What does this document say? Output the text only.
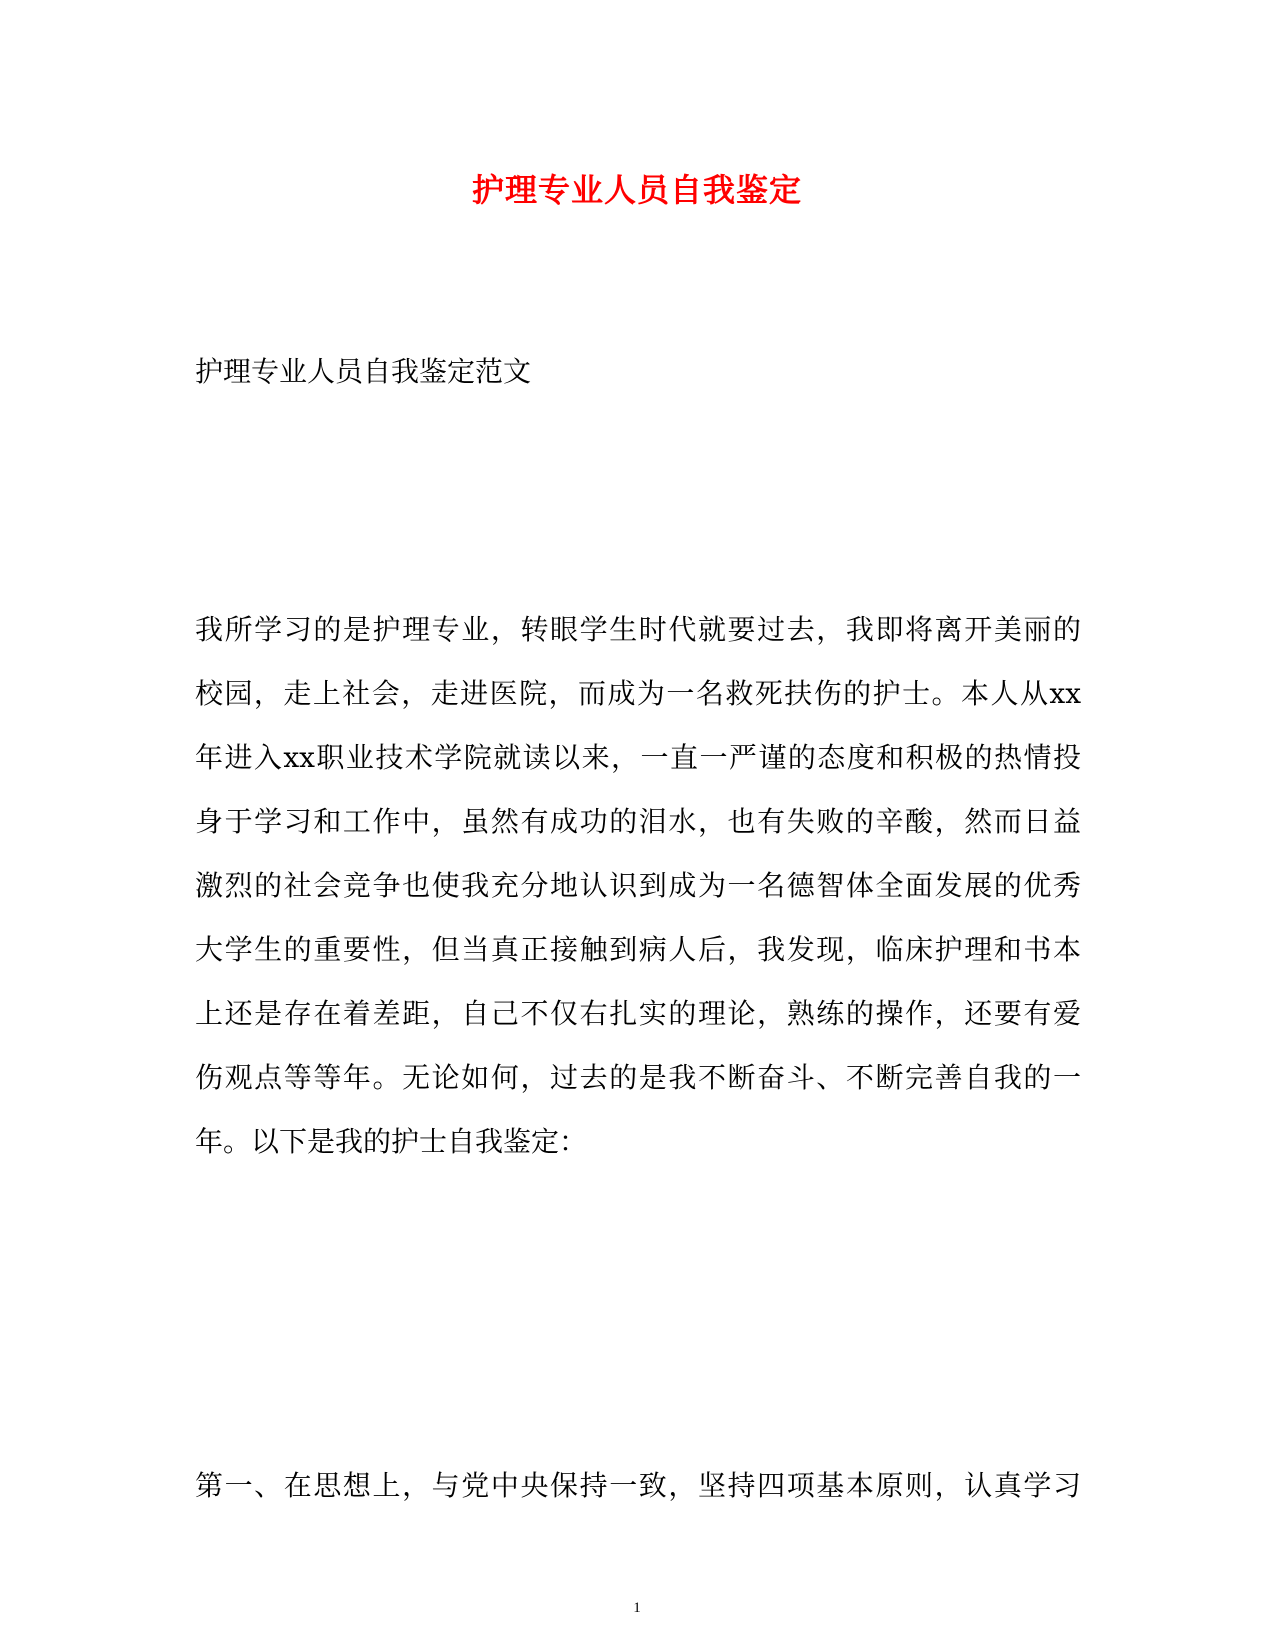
护理专业人员自我鉴定
护理专业人员自我鉴定范文
我所学习的是护理专业，转眼学生时代就要过去，我即将离开美丽的
校园，走上社会，走进医院，而成为一名救死扶伤的护士。本人从xx
年进入xx职业技术学院就读以来，一直一严谨的态度和积极的热情投
身于学习和工作中，虽然有成功的泪水，也有失败的辛酸，然而日益
激烈的社会竞争也使我充分地认识到成为一名德智体全面发展的优秀
大学生的重要性，但当真正接触到病人后，我发现，临床护理和书本
上还是存在着差距，自己不仅右扎实的理论，熟练的操作，还要有爱
伤观点等等年。无论如何，过去的是我不断奋斗、不断完善自我的一
年。以下是我的护士自我鉴定：
第一、在思想上，与党中央保持一致，坚持四项基本原则，认真学习
1
